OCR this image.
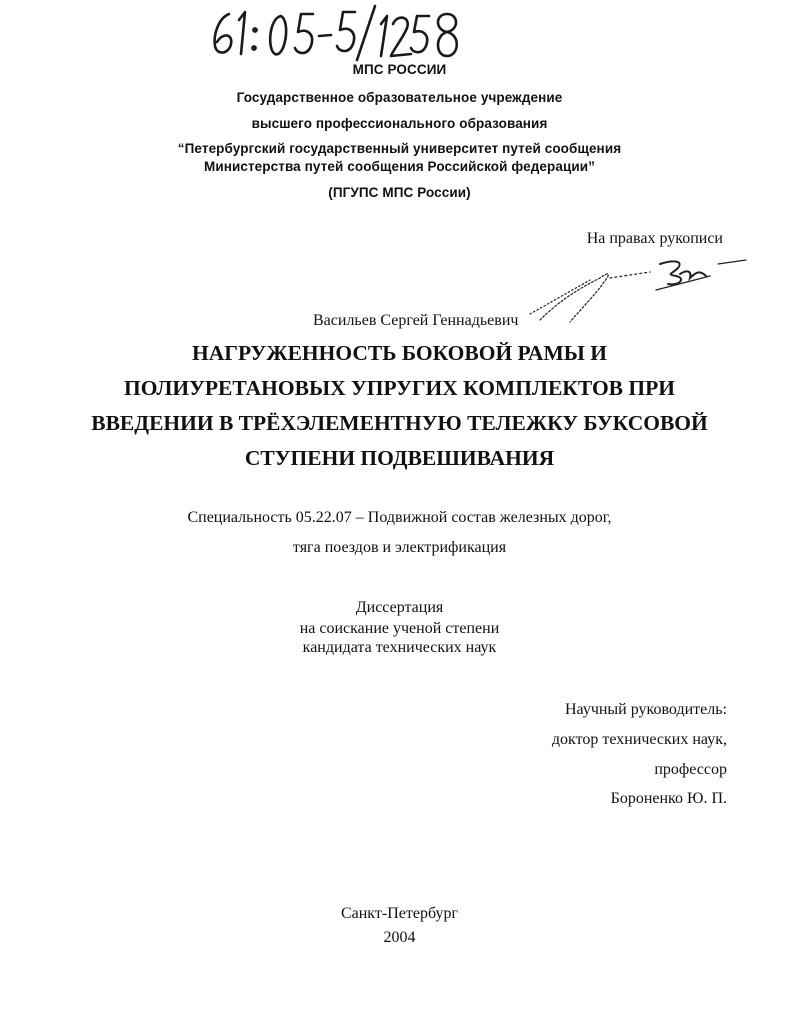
МПС РОССИИ
Государственное образовательное учреждение
высшего профессионального образования
“Петербургский государственный университет путей сообщения
Министерства путей сообщения Российской федерации”
(ПГУПС МПС России)
На правах рукописи
Васильев Сергей Геннадьевич
НАГРУЖЕННОСТЬ БОКОВОЙ РАМЫ И
ПОЛИУРЕТАНОВЫХ УПРУГИХ КОМПЛЕКТОВ ПРИ
ВВЕДЕНИИ В ТРЁХЭЛЕМЕНТНУЮ ТЕЛЕЖКУ БУКСОВОЙ
СТУПЕНИ ПОДВЕШИВАНИЯ
Специальность 05.22.07 – Подвижной состав железных дорог,
тяга поездов и электрификация
Диссертация
на соискание ученой степени
кандидата технических наук
Научный руководитель:
доктор технических наук,
профессор
Бороненко Ю. П.
Санкт-Петербург
2004
